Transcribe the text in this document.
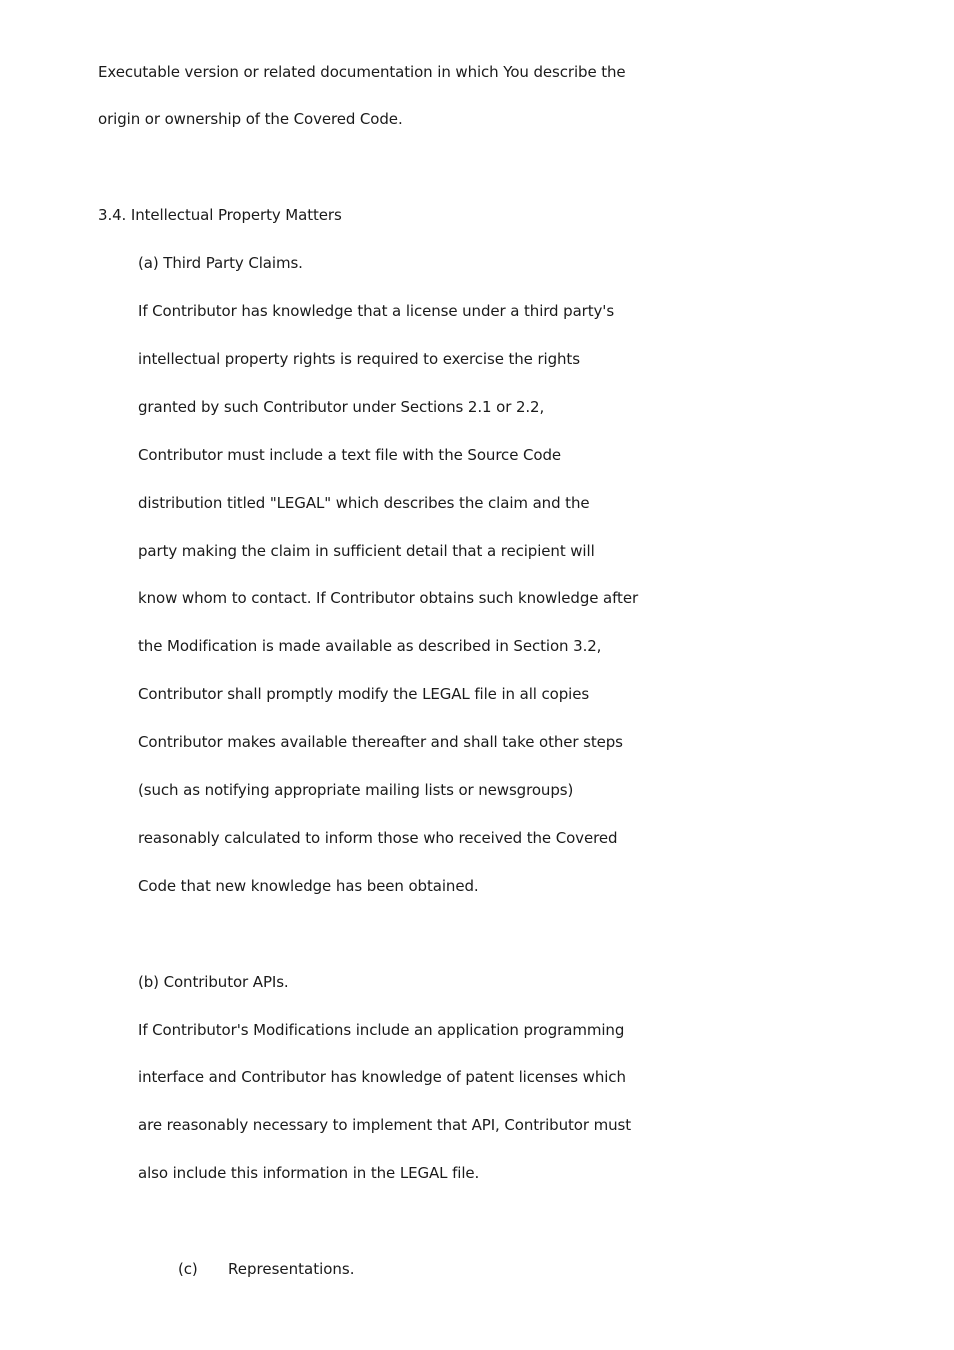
Executable version or related documentation in which You describe the
origin or ownership of the Covered Code.
3.4. Intellectual Property Matters
(a) Third Party Claims.
If Contributor has knowledge that a license under a third party's
intellectual property rights is required to exercise the rights
granted by such Contributor under Sections 2.1 or 2.2,
Contributor must include a text file with the Source Code
distribution titled "LEGAL" which describes the claim and the
party making the claim in sufficient detail that a recipient will
know whom to contact. If Contributor obtains such knowledge after
the Modification is made available as described in Section 3.2,
Contributor shall promptly modify the LEGAL file in all copies
Contributor makes available thereafter and shall take other steps
(such as notifying appropriate mailing lists or newsgroups)
reasonably calculated to inform those who received the Covered
Code that new knowledge has been obtained.
(b) Contributor APIs.
If Contributor's Modifications include an application programming
interface and Contributor has knowledge of patent licenses which
are reasonably necessary to implement that API, Contributor must
also include this information in the LEGAL file.
(c) Representations.
